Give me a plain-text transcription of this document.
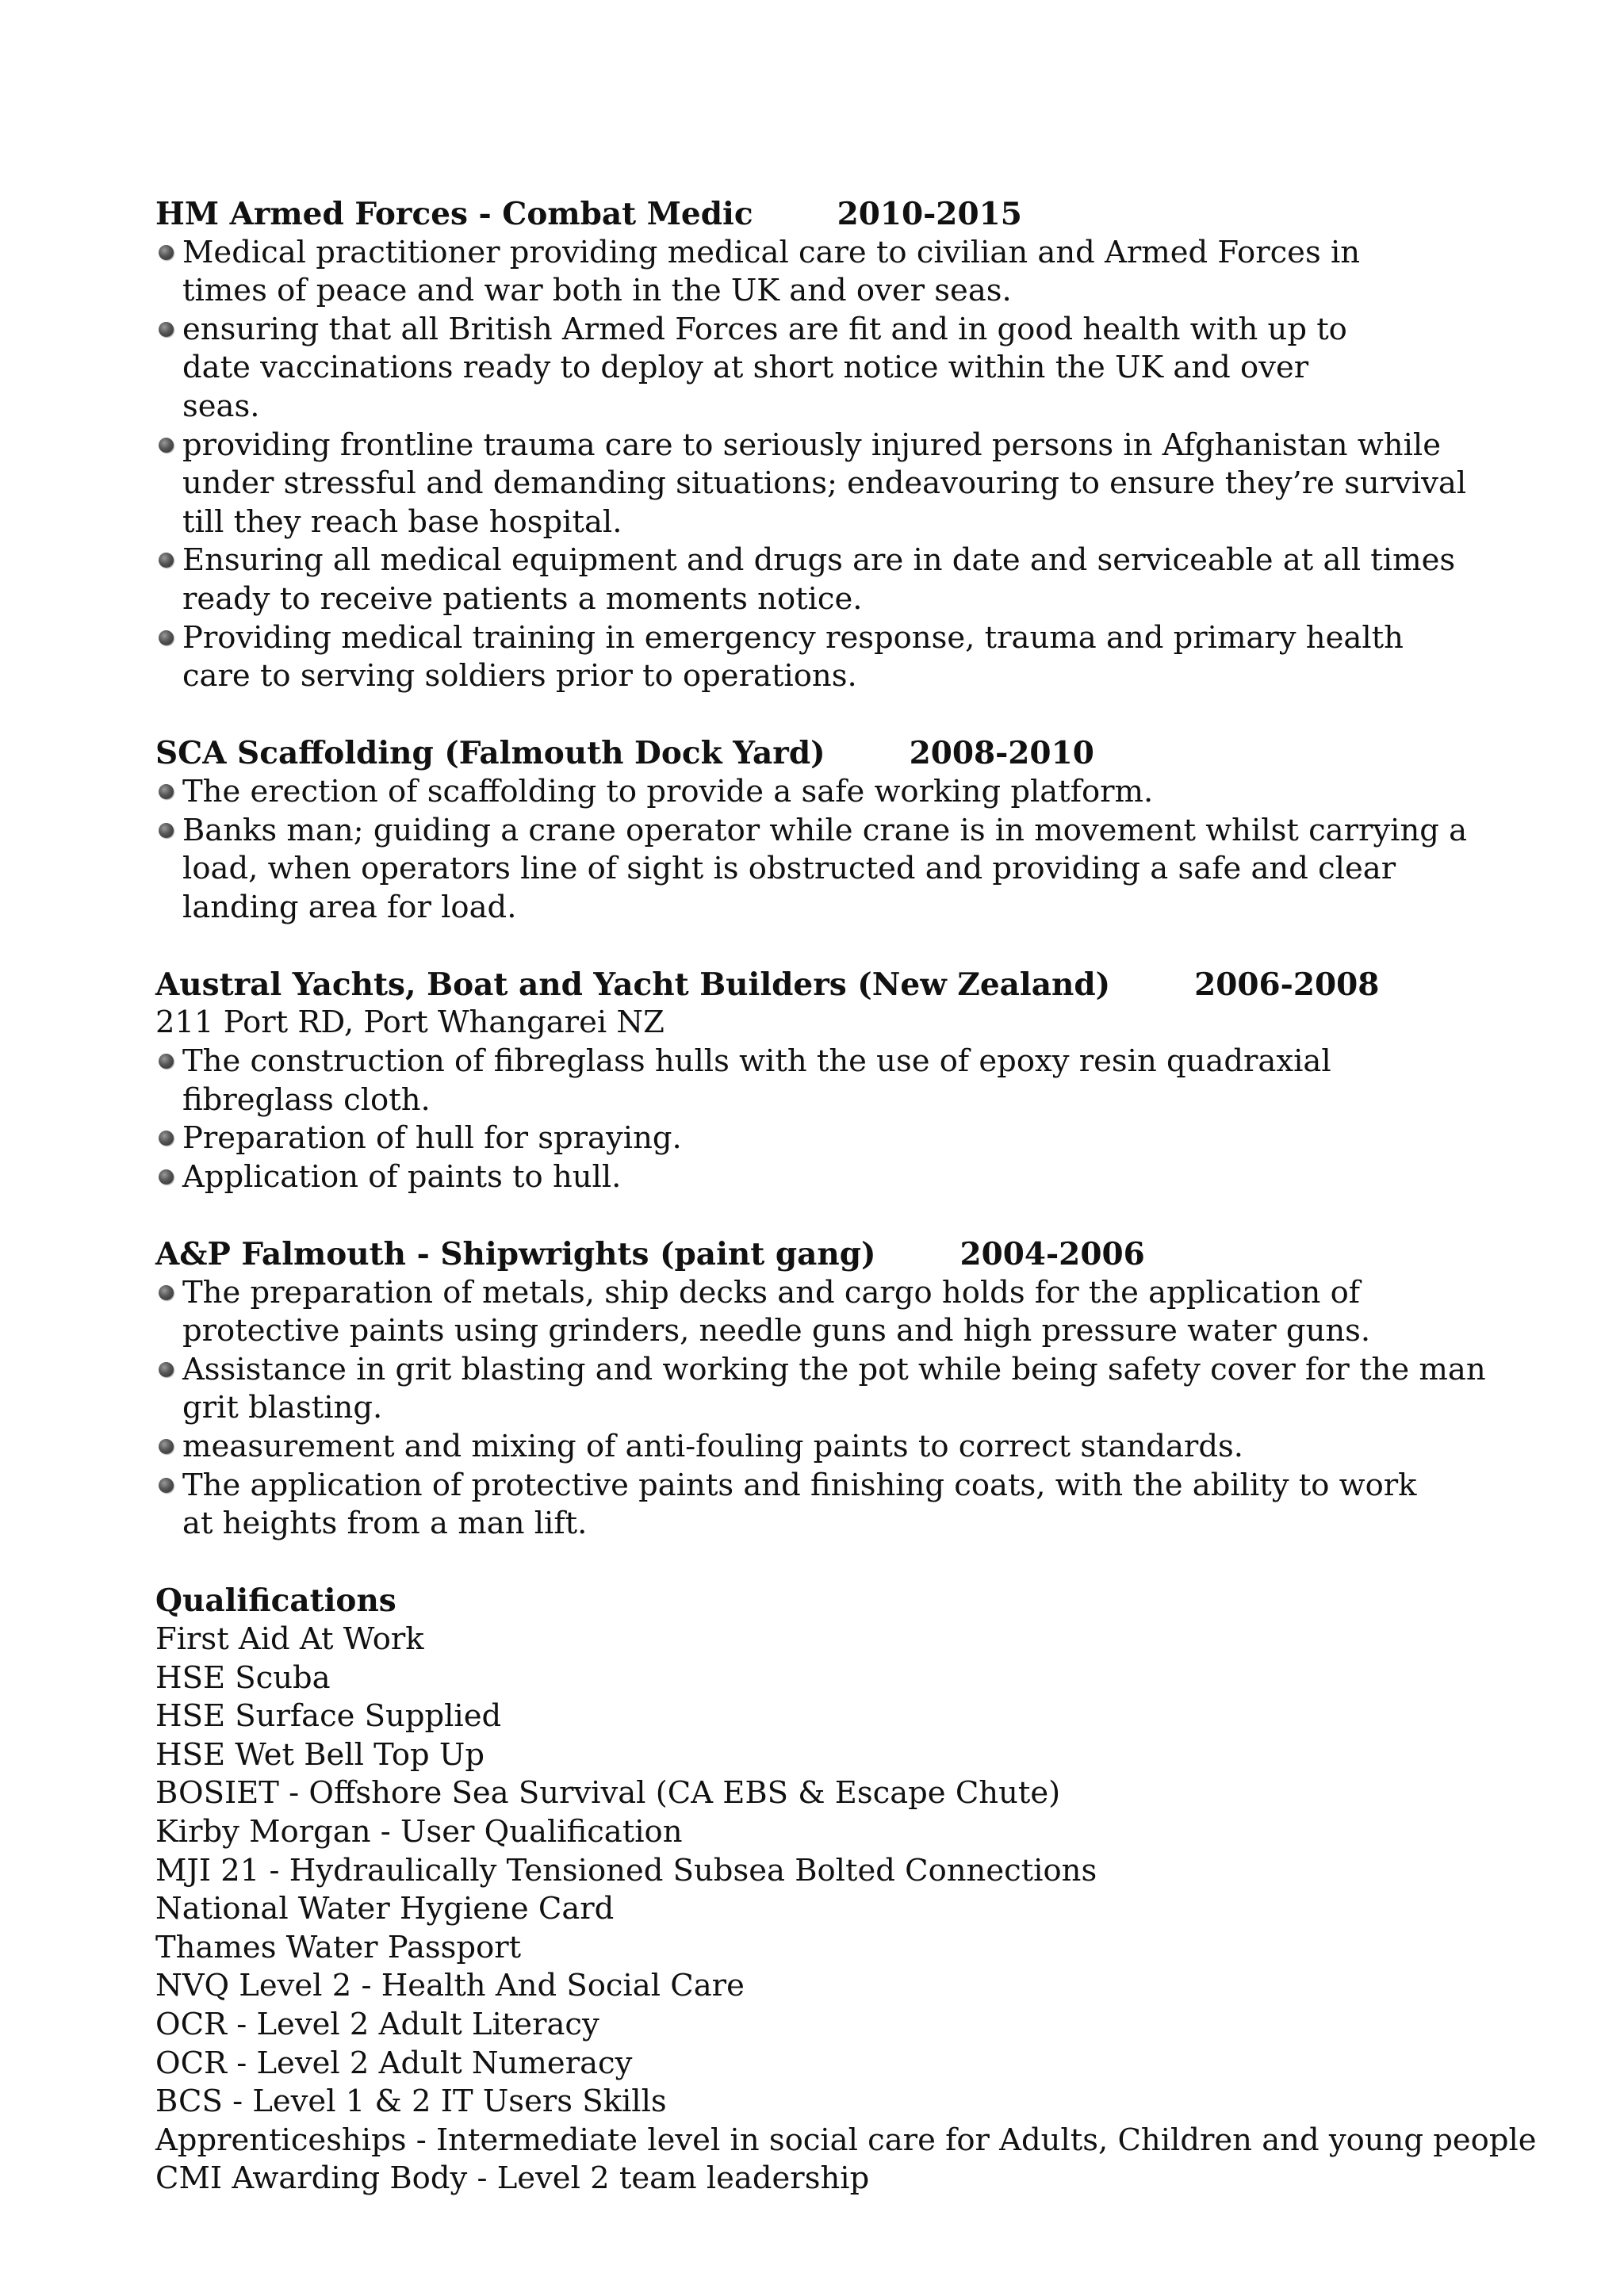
HM Armed Forces - Combat Medic	2010-2015
Medical practitioner providing medical care to civilian and Armed Forces in times of peace and war both in the UK and over seas.
ensuring that all British Armed Forces are fit and in good health with up to date vaccinations ready to deploy at short notice within the UK and over seas.
providing frontline trauma care to seriously injured persons in Afghanistan while under stressful and demanding situations; endeavouring to ensure they’re survival till they reach base hospital.
Ensuring all medical equipment and drugs are in date and serviceable at all times ready to receive patients a moments notice.
Providing medical training in emergency response, trauma and primary health care to serving soldiers prior to operations.
SCA Scaffolding (Falmouth Dock Yard)	2008-2010
The erection of scaffolding to provide a safe working platform.
Banks man; guiding a crane operator while crane is in movement whilst carrying a load, when operators line of sight is obstructed and providing a safe and clear landing area for load.
Austral Yachts, Boat and Yacht Builders (New Zealand)	2006-2008
211 Port RD, Port Whangarei NZ
The construction of fibreglass hulls with the use of epoxy resin quadraxial fibreglass cloth.
Preparation of hull for spraying.
Application of paints to hull.
A&P Falmouth - Shipwrights (paint gang)	2004-2006
The preparation of metals, ship decks and cargo holds for the application of protective paints using grinders, needle guns and high pressure water guns.
Assistance in grit blasting and working the pot while being safety cover for the man grit blasting.
measurement and mixing of anti-fouling paints to correct standards.
The application of protective paints and finishing coats, with the ability to work at heights from a man lift.
Qualifications
First Aid At Work
HSE Scuba
HSE Surface Supplied
HSE Wet Bell Top Up
BOSIET - Offshore Sea Survival (CA EBS & Escape Chute)
Kirby Morgan - User Qualification
MJI 21 - Hydraulically Tensioned Subsea Bolted Connections
National Water Hygiene Card
Thames Water Passport
NVQ Level 2 - Health And Social Care
OCR - Level 2 Adult Literacy
OCR - Level 2 Adult Numeracy
BCS - Level 1 & 2 IT Users Skills
Apprenticeships - Intermediate level in social care for Adults, Children and young people
CMI Awarding Body - Level 2 team leadership
